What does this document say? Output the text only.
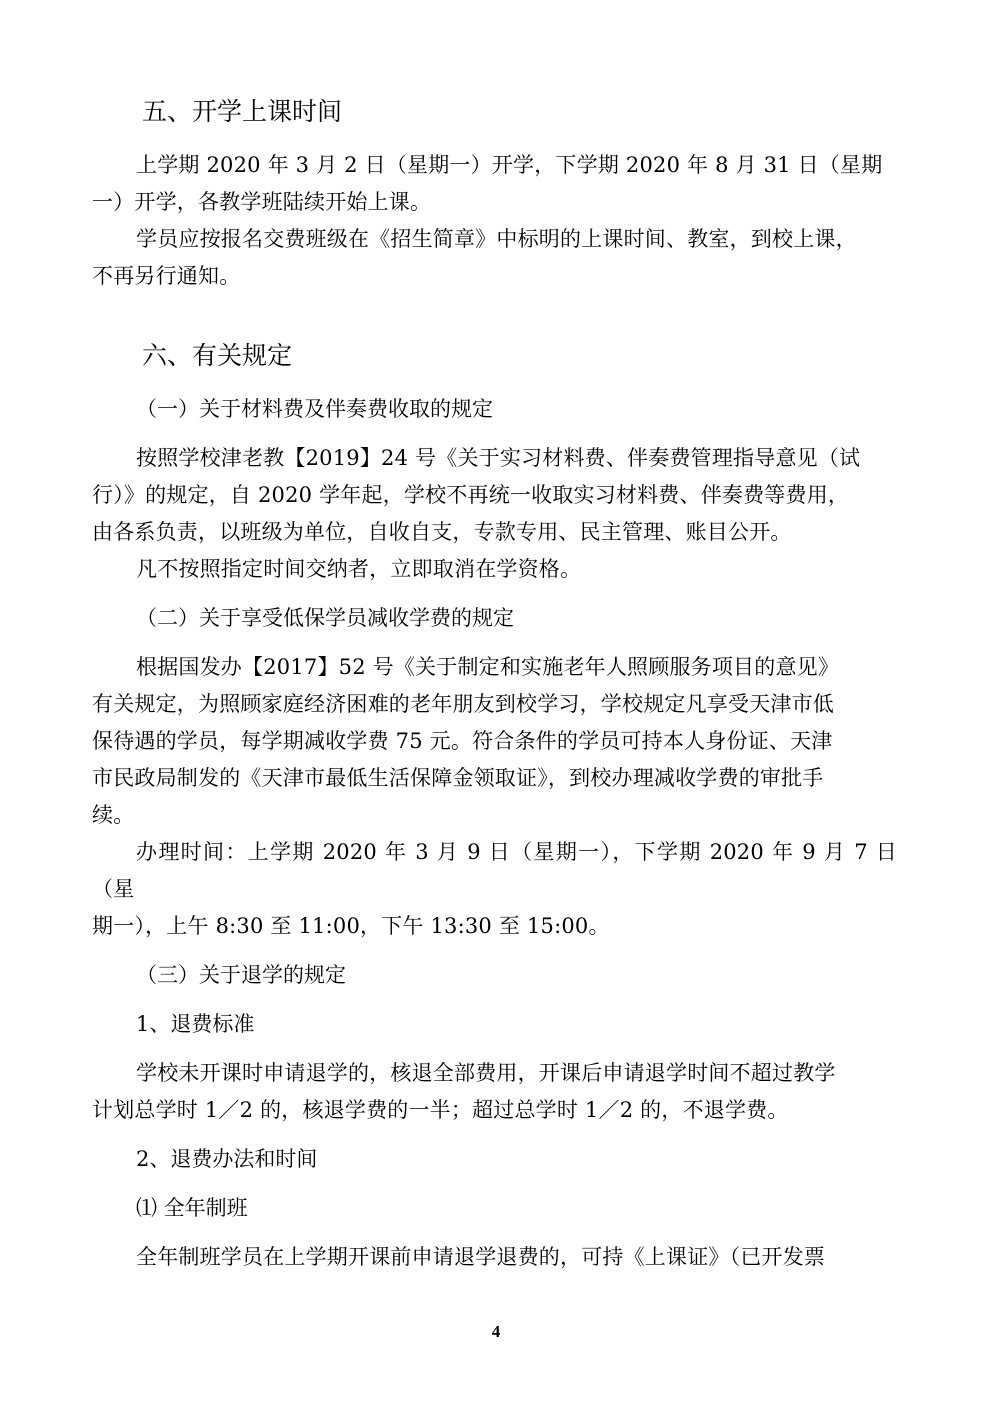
五、开学上课时间
上学期 2020 年 3 月 2 日（星期一）开学，下学期 2020 年 8 月 31 日（星期
一）开学，各教学班陆续开始上课。
学员应按报名交费班级在《招生简章》中标明的上课时间、教室，到校上课，
不再另行通知。
六、有关规定
（一）关于材料费及伴奏费收取的规定
按照学校津老教【2019】24 号《关于实习材料费、伴奏费管理指导意见（试
行）》的规定，自 2020 学年起，学校不再统一收取实习材料费、伴奏费等费用，
由各系负责，以班级为单位，自收自支，专款专用、民主管理、账目公开。
凡不按照指定时间交纳者，立即取消在学资格。
（二）关于享受低保学员减收学费的规定
根据国发办【2017】52 号《关于制定和实施老年人照顾服务项目的意见》
有关规定，为照顾家庭经济困难的老年朋友到校学习，学校规定凡享受天津市低
保待遇的学员，每学期减收学费 75 元。符合条件的学员可持本人身份证、天津
市民政局制发的《天津市最低生活保障金领取证》，到校办理减收学费的审批手
续。
办理时间：上学期 2020 年 3 月 9 日（星期一），下学期 2020 年 9 月 7 日（星
期一），上午 8:30 至 11:00，下午 13:30 至 15:00。
（三）关于退学的规定
1、退费标准
学校未开课时申请退学的，核退全部费用，开课后申请退学时间不超过教学
计划总学时 1／2 的，核退学费的一半；超过总学时 1／2 的，不退学费。
2、退费办法和时间
⑴ 全年制班
全年制班学员在上学期开课前申请退学退费的，可持《上课证》（已开发票
4
